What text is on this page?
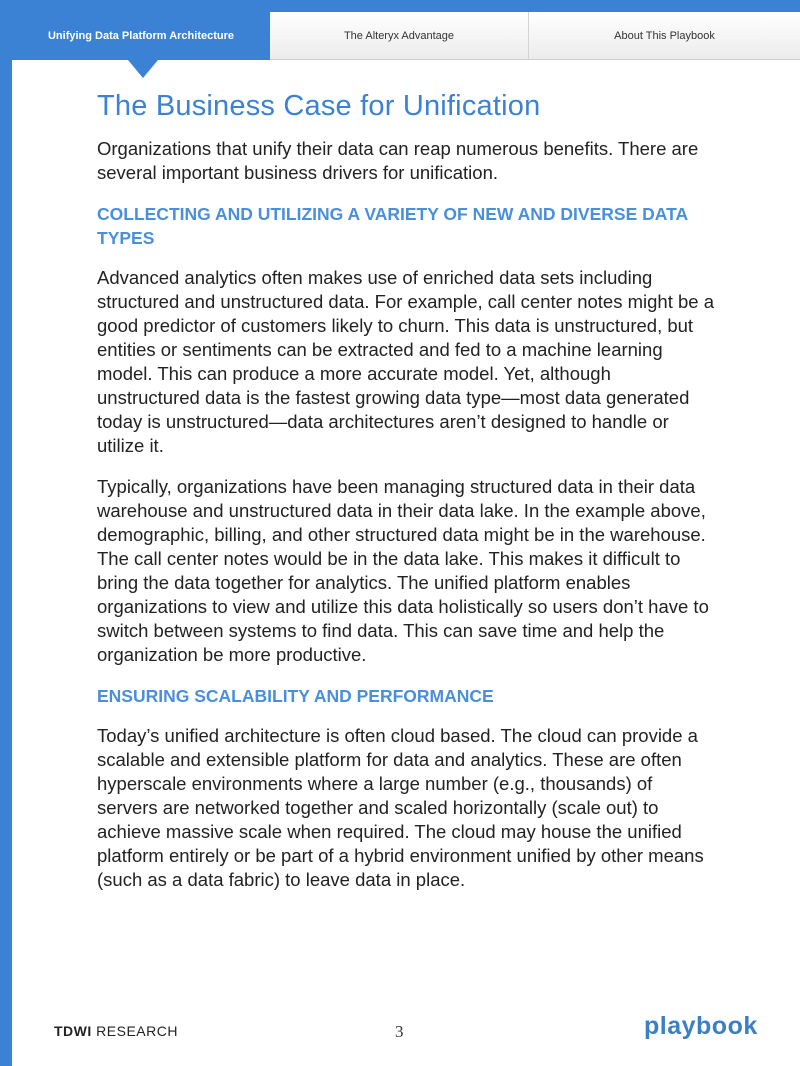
Unifying Data Platform Architecture	The Alteryx Advantage	About This Playbook
The Business Case for Unification

Organizations that unify their data can reap numerous benefits. There are several important business drivers for unification.

COLLECTING AND UTILIZING A VARIETY OF NEW AND DIVERSE DATA TYPES

Advanced analytics often makes use of enriched data sets including structured and unstructured data. For example, call center notes might be a good predictor of customers likely to churn. This data is unstructured, but entities or sentiments can be extracted and fed to a machine learning model. This can produce a more accurate model. Yet, although unstructured data is the fastest growing data type—most data generated today is unstructured—data architectures aren’t designed to handle or utilize it.

Typically, organizations have been managing structured data in their data warehouse and unstructured data in their data lake. In the example above, demographic, billing, and other structured data might be in the warehouse. The call center notes would be in the data lake. This makes it difficult to bring the data together for analytics. The unified platform enables organizations to view and utilize this data holistically so users don’t have to switch between systems to find data. This can save time and help the organization be more productive.

ENSURING SCALABILITY AND PERFORMANCE

Today’s unified architecture is often cloud based. The cloud can provide a scalable and extensible platform for data and analytics. These are often hyperscale environments where a large number (e.g., thousands) of servers are networked together and scaled horizontally (scale out) to achieve massive scale when required. The cloud may house the unified platform entirely or be part of a hybrid environment unified by other means (such as a data fabric) to leave data in place.

TDWI RESEARCH	3	playbook
